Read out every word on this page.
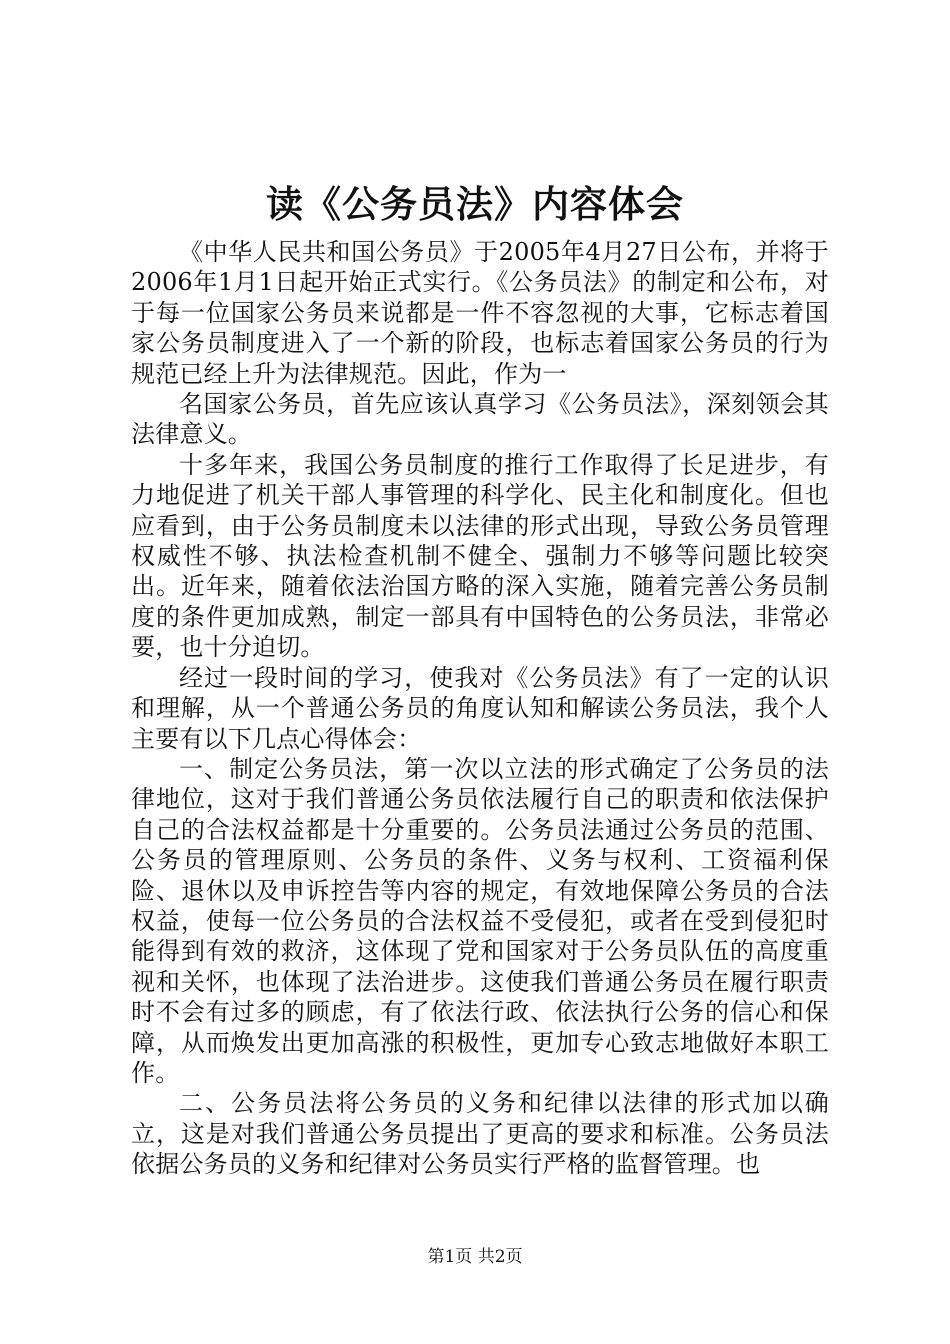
读《公务员法》内容体会

《中华人民共和国公务员》于2005年4月27日公布，并将于2006年1月1日起开始正式实行。《公务员法》的制定和公布，对于每一位国家公务员来说都是一件不容忽视的大事，它标志着国家公务员制度进入了一个新的阶段，也标志着国家公务员的行为规范已经上升为法律规范。因此，作为一

名国家公务员，首先应该认真学习《公务员法》，深刻领会其法律意义。

十多年来，我国公务员制度的推行工作取得了长足进步，有力地促进了机关干部人事管理的科学化、民主化和制度化。但也应看到，由于公务员制度未以法律的形式出现，导致公务员管理权威性不够、执法检查机制不健全、强制力不够等问题比较突出。近年来，随着依法治国方略的深入实施，随着完善公务员制度的条件更加成熟，制定一部具有中国特色的公务员法，非常必要，也十分迫切。

经过一段时间的学习，使我对《公务员法》有了一定的认识和理解，从一个普通公务员的角度认知和解读公务员法，我个人主要有以下几点心得体会：

一、制定公务员法，第一次以立法的形式确定了公务员的法律地位，这对于我们普通公务员依法履行自己的职责和依法保护自己的合法权益都是十分重要的。公务员法通过公务员的范围、公务员的管理原则、公务员的条件、义务与权利、工资福利保险、退休以及申诉控告等内容的规定，有效地保障公务员的合法权益，使每一位公务员的合法权益不受侵犯，或者在受到侵犯时能得到有效的救济，这体现了党和国家对于公务员队伍的高度重视和关怀，也体现了法治进步。这使我们普通公务员在履行职责时不会有过多的顾虑，有了依法行政、依法执行公务的信心和保障，从而焕发出更加高涨的积极性，更加专心致志地做好本职工作。

二、公务员法将公务员的义务和纪律以法律的形式加以确立，这是对我们普通公务员提出了更高的要求和标准。公务员法依据公务员的义务和纪律对公务员实行严格的监督管理。也

第1页 共2页
